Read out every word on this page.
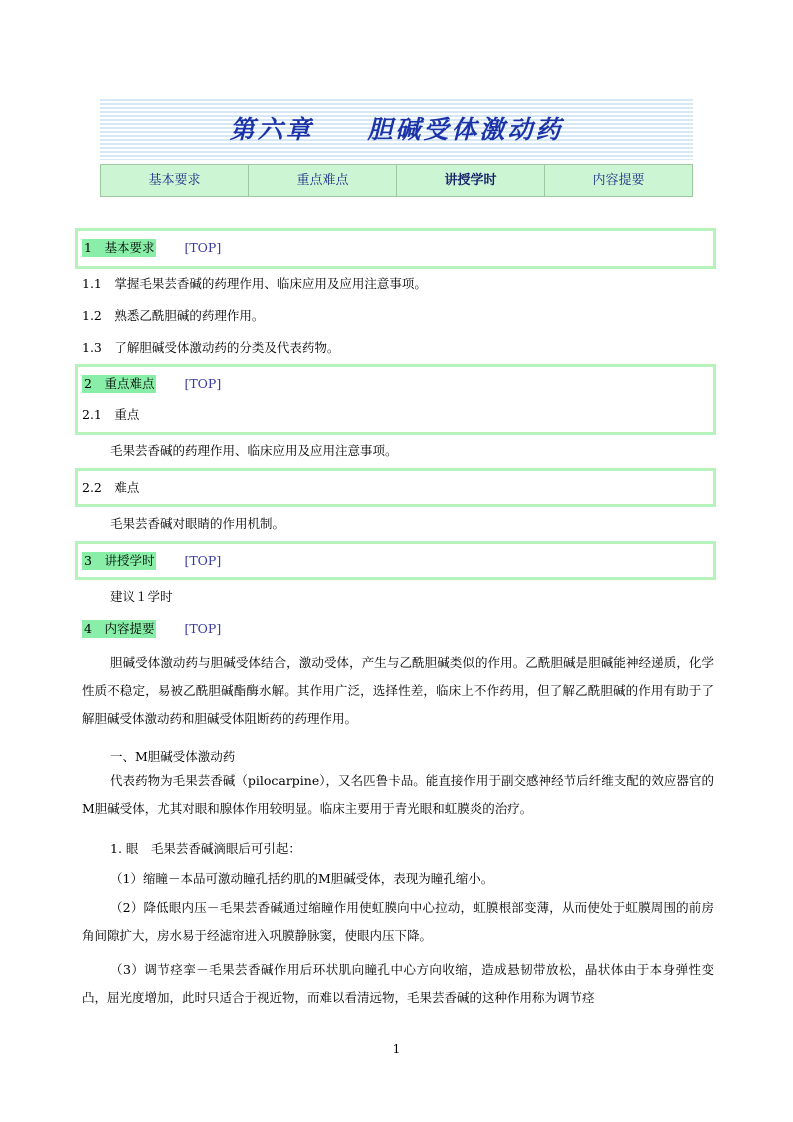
第六章　 胆碱受体激动药
基本要求	重点难点	讲授学时	内容提要
1　基本要求 [TOP]
1.1　掌握毛果芸香碱的药理作用、临床应用及应用注意事项。
1.2　熟悉乙酰胆碱的药理作用。
1.3　了解胆碱受体激动药的分类及代表药物。
2　重点难点 [TOP]
2.1　重点
毛果芸香碱的药理作用、临床应用及应用注意事项。
2.2　难点
毛果芸香碱对眼睛的作用机制。
3　讲授学时 [TOP]
建议１学时
4　内容提要 [TOP]
胆碱受体激动药与胆碱受体结合，激动受体，产生与乙酰胆碱类似的作用。乙酰胆碱是胆碱能神经递质，化学性质不稳定，易被乙酰胆碱酯酶水解。其作用广泛，选择性差，临床上不作药用，但了解乙酰胆碱的作用有助于了解胆碱受体激动药和胆碱受体阻断药的药理作用。
一、M胆碱受体激动药
代表药物为毛果芸香碱（pilocarpine），又名匹鲁卡品。能直接作用于副交感神经节后纤维支配的效应器官的M胆碱受体，尤其对眼和腺体作用较明显。临床主要用于青光眼和虹膜炎的治疗。
1. 眼　毛果芸香碱滴眼后可引起：
（1）缩瞳－本品可激动瞳孔括约肌的M胆碱受体，表现为瞳孔缩小。
（2）降低眼内压－毛果芸香碱通过缩瞳作用使虹膜向中心拉动，虹膜根部变薄，从而使处于虹膜周围的前房角间隙扩大，房水易于经滤帘进入巩膜静脉窦，使眼内压下降。
（3）调节痉挛－毛果芸香碱作用后环状肌向瞳孔中心方向收缩，造成悬韧带放松，晶状体由于本身弹性变凸，屈光度增加，此时只适合于视近物，而难以看清远物，毛果芸香碱的这种作用称为调节痉
1
